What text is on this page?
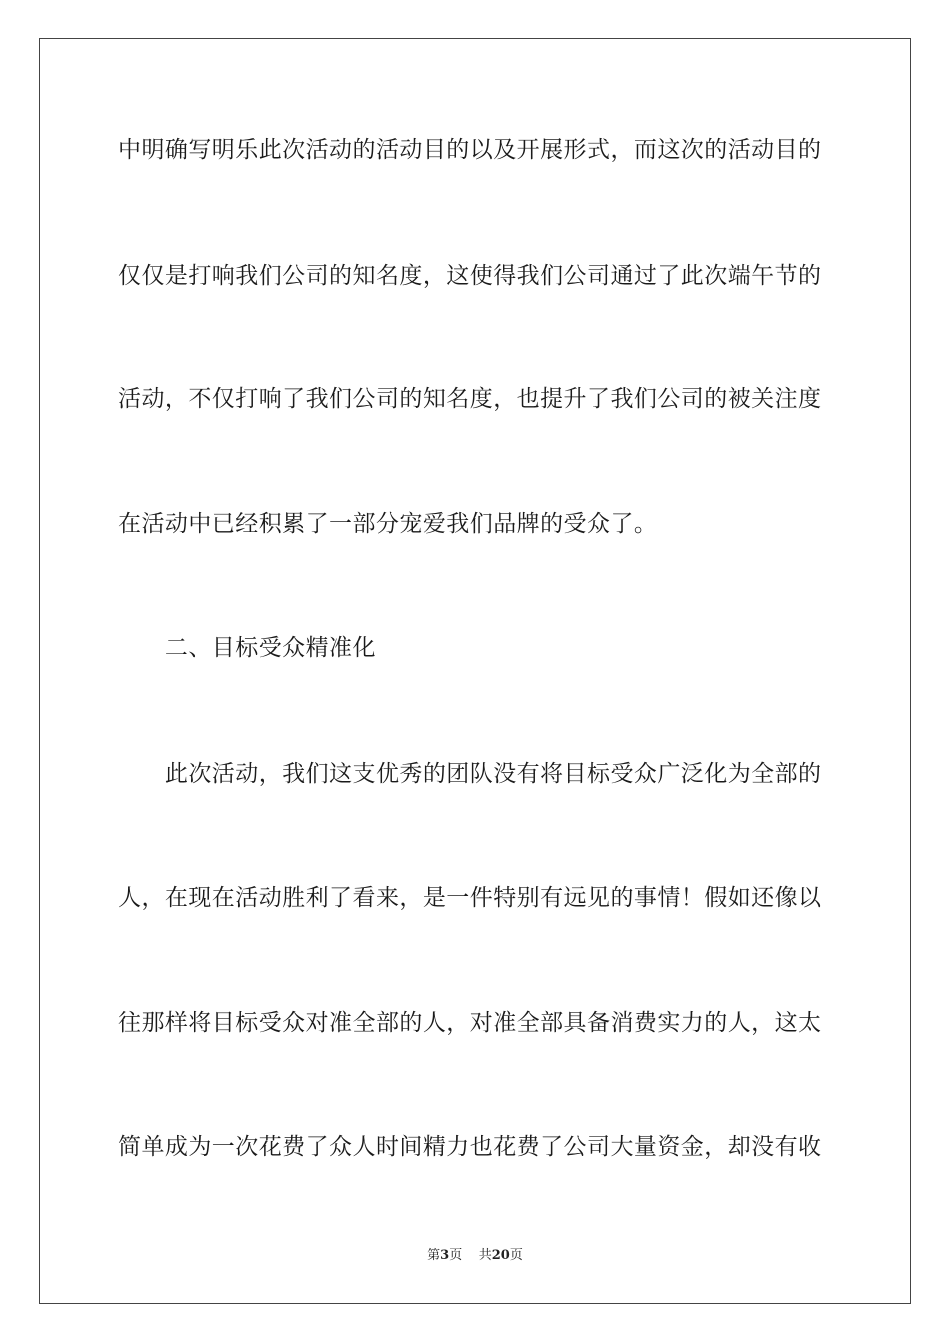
中明确写明乐此次活动的活动目的以及开展形式，而这次的活动目的
仅仅是打响我们公司的知名度，这使得我们公司通过了此次端午节的
活动，不仅打响了我们公司的知名度，也提升了我们公司的被关注度
在活动中已经积累了一部分宠爱我们品牌的受众了。
　　二、目标受众精准化
　　此次活动，我们这支优秀的团队没有将目标受众广泛化为全部的
人，在现在活动胜利了看来，是一件特别有远见的事情！假如还像以
往那样将目标受众对准全部的人，对准全部具备消费实力的人，这太
简单成为一次花费了众人时间精力也花费了公司大量资金，却没有收
第3页 共20页
